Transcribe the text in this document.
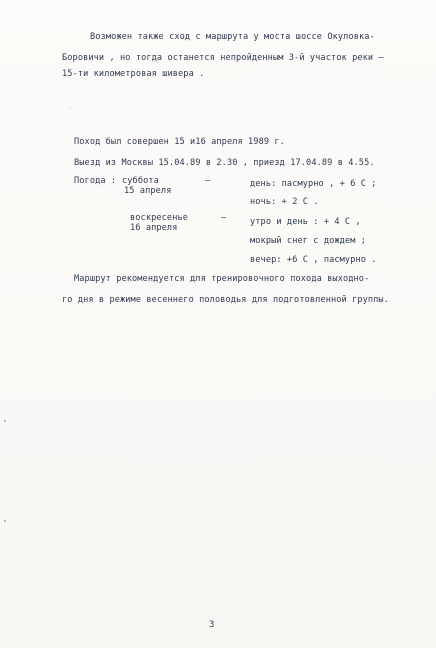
Возможен также сход с маршрута у моста шоссе Окуловка-
Боровичи , но тогда останется непройденным 3-й участок реки –
15-ти километровая шивера .
Поход был совершен 15 и16 апреля 1989 г.
Выезд из Москвы 15.04.89 в 2.30 , приезд 17.04.89 в 4.55.
Погода : суббота	–
15 апреля
день: пасмурно , + 6 С ;
ночь: + 2 С .
воскресенье	–
16 апреля
утро и день : + 4 С ,
мокрый снег с дождем ;
вечер: +6 С , пасмурно .
Маршрут рекомендуется для тренировочного похода выходно-
го дня в режиме весеннего половодья для подготовленной группы.
3
